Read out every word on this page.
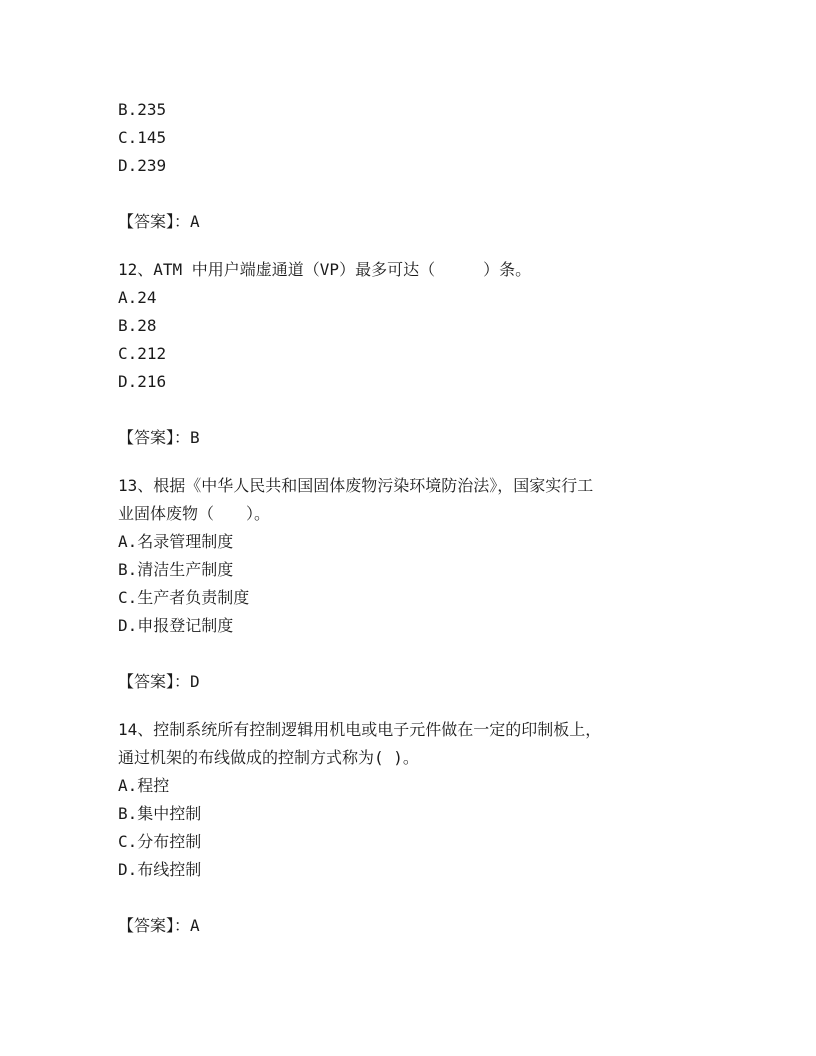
B.235

C.145

D.239

【答案】：A

12、ATM 中用户端虚通道（VP）最多可达（　　　）条。

A.24

B.28

C.212

D.216

【答案】：B

13、根据《中华人民共和国固体废物污染环境防治法》，国家实行工

业固体废物（　　）。

A.名录管理制度

B.清洁生产制度

C.生产者负责制度

D.申报登记制度

【答案】：D

14、控制系统所有控制逻辑用机电或电子元件做在一定的印制板上，

通过机架的布线做成的控制方式称为( )。

A.程控

B.集中控制

C.分布控制

D.布线控制

【答案】：A
